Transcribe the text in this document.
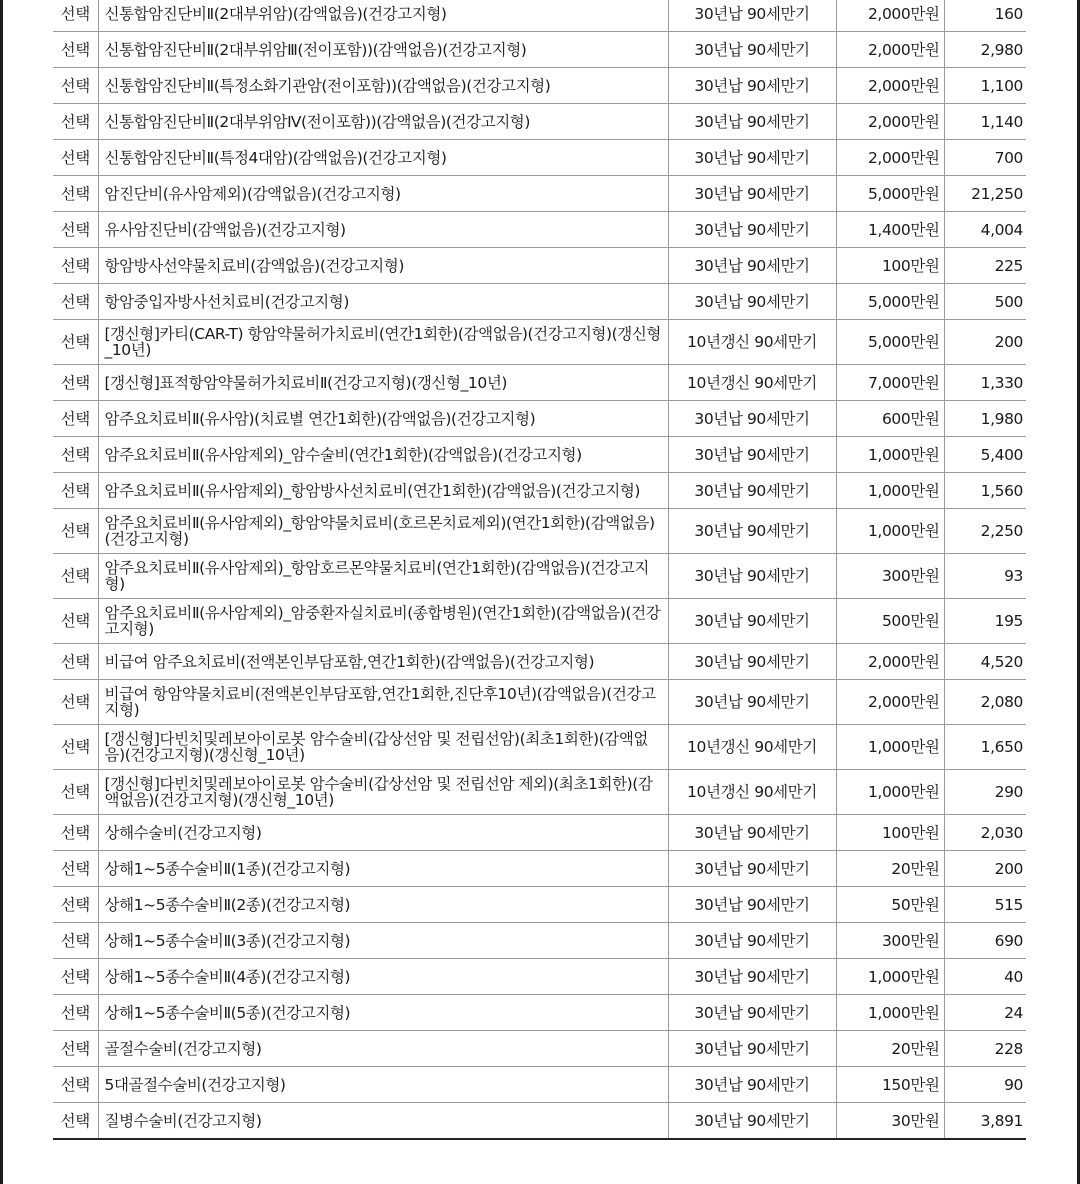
선택	신통합암진단비Ⅱ(2대부위암)(감액없음)(건강고지형)	30년납 90세만기	2,000만원	160
선택	신통합암진단비Ⅱ(2대부위암Ⅲ(전이포함))(감액없음)(건강고지형)	30년납 90세만기	2,000만원	2,980
선택	신통합암진단비Ⅱ(특정소화기관암(전이포함))(감액없음)(건강고지형)	30년납 90세만기	2,000만원	1,100
선택	신통합암진단비Ⅱ(2대부위암Ⅳ(전이포함))(감액없음)(건강고지형)	30년납 90세만기	2,000만원	1,140
선택	신통합암진단비Ⅱ(특정4대암)(감액없음)(건강고지형)	30년납 90세만기	2,000만원	700
선택	암진단비(유사암제외)(감액없음)(건강고지형)	30년납 90세만기	5,000만원	21,250
선택	유사암진단비(감액없음)(건강고지형)	30년납 90세만기	1,400만원	4,004
선택	항암방사선약물치료비(감액없음)(건강고지형)	30년납 90세만기	100만원	225
선택	항암중입자방사선치료비(건강고지형)	30년납 90세만기	5,000만원	500
선택	[갱신형]카티(CAR-T) 항암약물허가치료비(연간1회한)(감액없음)(건강고지형)(갱신형_10년)	10년갱신 90세만기	5,000만원	200
선택	[갱신형]표적항암약물허가치료비Ⅱ(건강고지형)(갱신형_10년)	10년갱신 90세만기	7,000만원	1,330
선택	암주요치료비Ⅱ(유사암)(치료별 연간1회한)(감액없음)(건강고지형)	30년납 90세만기	600만원	1,980
선택	암주요치료비Ⅱ(유사암제외)_암수술비(연간1회한)(감액없음)(건강고지형)	30년납 90세만기	1,000만원	5,400
선택	암주요치료비Ⅱ(유사암제외)_항암방사선치료비(연간1회한)(감액없음)(건강고지형)	30년납 90세만기	1,000만원	1,560
선택	암주요치료비Ⅱ(유사암제외)_항암약물치료비(호르몬치료제외)(연간1회한)(감액없음)(건강고지형)	30년납 90세만기	1,000만원	2,250
선택	암주요치료비Ⅱ(유사암제외)_항암호르몬약물치료비(연간1회한)(감액없음)(건강고지형)	30년납 90세만기	300만원	93
선택	암주요치료비Ⅱ(유사암제외)_암중환자실치료비(종합병원)(연간1회한)(감액없음)(건강고지형)	30년납 90세만기	500만원	195
선택	비급여 암주요치료비(전액본인부담포함,연간1회한)(감액없음)(건강고지형)	30년납 90세만기	2,000만원	4,520
선택	비급여 항암약물치료비(전액본인부담포함,연간1회한,진단후10년)(감액없음)(건강고지형)	30년납 90세만기	2,000만원	2,080
선택	[갱신형]다빈치및레보아이로봇 암수술비(갑상선암 및 전립선암)(최초1회한)(감액없음)(건강고지형)(갱신형_10년)	10년갱신 90세만기	1,000만원	1,650
선택	[갱신형]다빈치및레보아이로봇 암수술비(갑상선암 및 전립선암 제외)(최초1회한)(감액없음)(건강고지형)(갱신형_10년)	10년갱신 90세만기	1,000만원	290
선택	상해수술비(건강고지형)	30년납 90세만기	100만원	2,030
선택	상해1~5종수술비Ⅱ(1종)(건강고지형)	30년납 90세만기	20만원	200
선택	상해1~5종수술비Ⅱ(2종)(건강고지형)	30년납 90세만기	50만원	515
선택	상해1~5종수술비Ⅱ(3종)(건강고지형)	30년납 90세만기	300만원	690
선택	상해1~5종수술비Ⅱ(4종)(건강고지형)	30년납 90세만기	1,000만원	40
선택	상해1~5종수술비Ⅱ(5종)(건강고지형)	30년납 90세만기	1,000만원	24
선택	골절수술비(건강고지형)	30년납 90세만기	20만원	228
선택	5대골절수술비(건강고지형)	30년납 90세만기	150만원	90
선택	질병수술비(건강고지형)	30년납 90세만기	30만원	3,891
